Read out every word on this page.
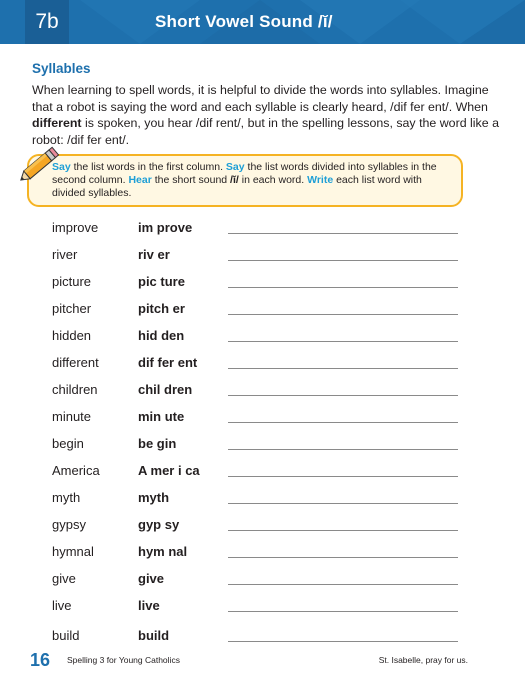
7b	Short Vowel Sound /ĭ/
Syllables

When learning to spell words, it is helpful to divide the words into syllables. Imagine that a robot is saying the word and each syllable is clearly heard, /dif fer ent/. When different is spoken, you hear /dif rent/, but in the spelling lessons, say the word like a robot: /dif fer ent/.

Say the list words in the first column. Say the list words divided into syllables in the second column. Hear the short sound /ĭ/ in each word. Write each list word with divided syllables.

improve	im prove
river	riv er
picture	pic ture
pitcher	pitch er
hidden	hid den
different	dif fer ent
children	chil dren
minute	min ute
begin	be gin
America	A mer i ca
myth	myth
gypsy	gyp sy
hymnal	hym nal
give	give
live	live
build	build
16 Spelling 3 for Young Catholics	St. Isabelle, pray for us.
